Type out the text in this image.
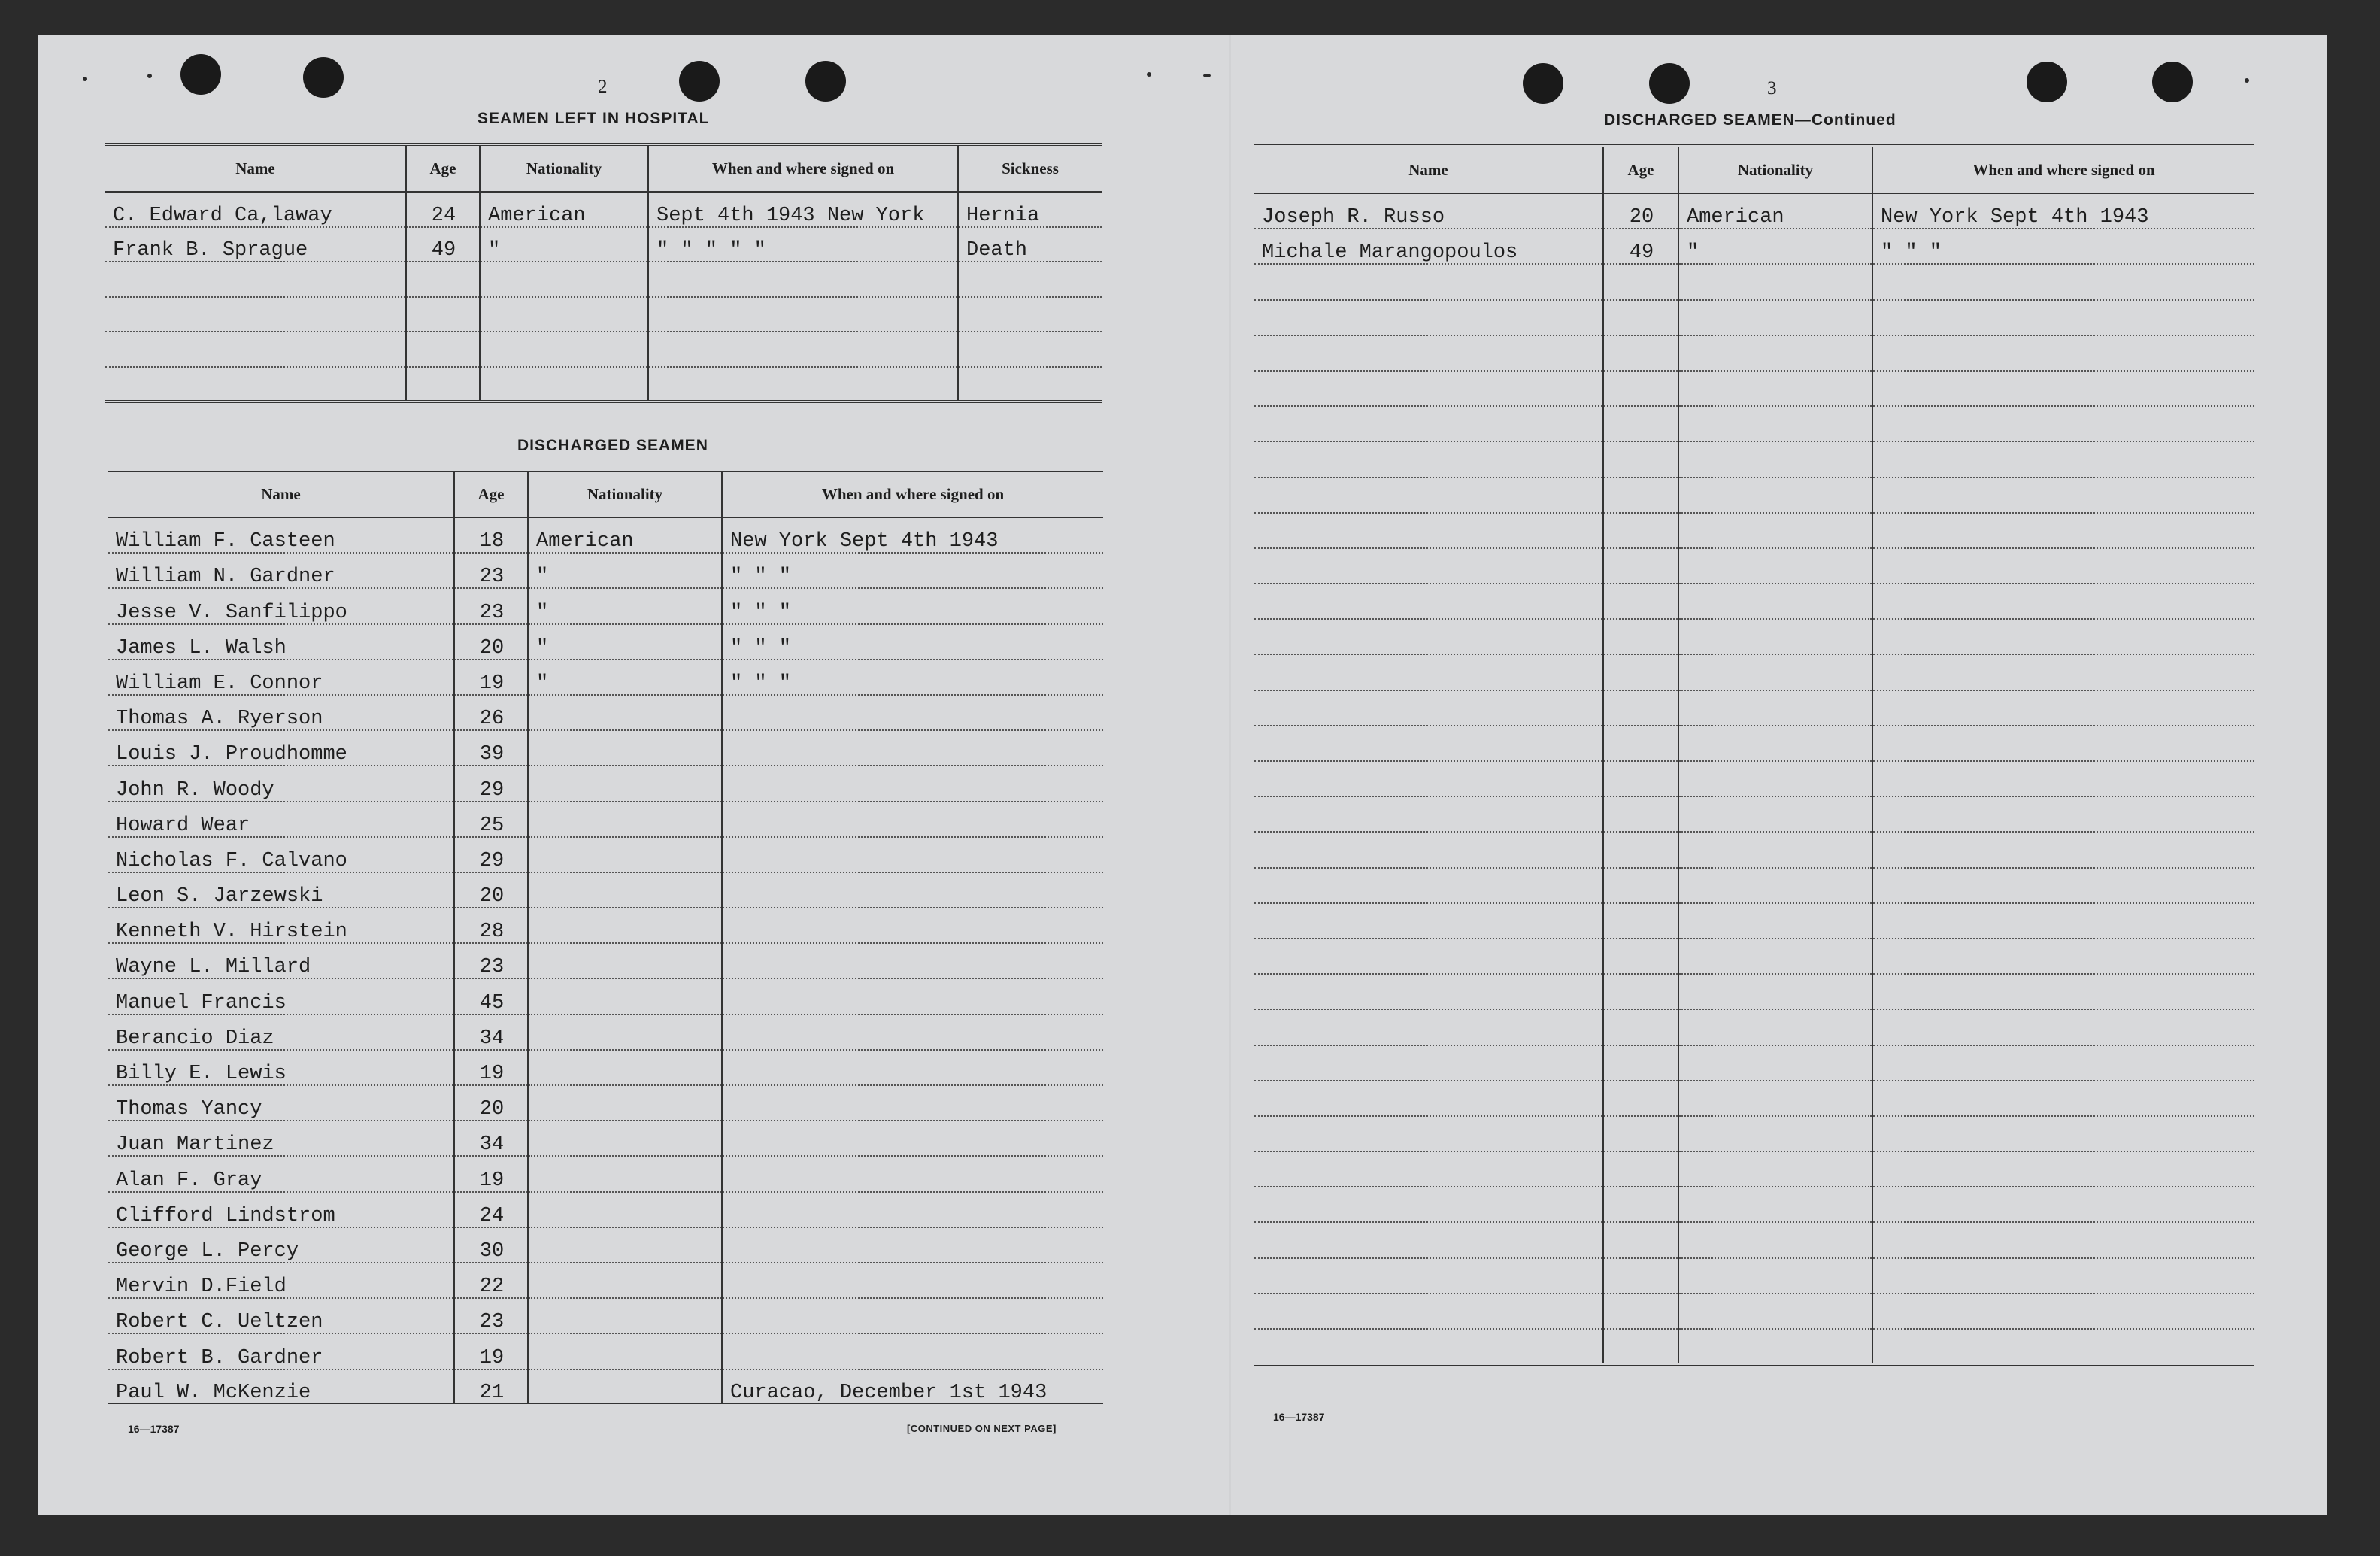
2
SEAMEN LEFT IN HOSPITAL
Name	Age	Nationality	When and where signed on	Sickness
C. Edward Ca,laway	24	American	Sept 4th 1943 New York	Hernia
Frank B. Sprague	49	"	" " " " "	Death

DISCHARGED SEAMEN
Name	Age	Nationality	When and where signed on
William F. Casteen	18	American	New York Sept 4th 1943
William N. Gardner	23	"	" " "
Jesse V. Sanfilippo	23	"	" " "
James L. Walsh	20	"	" " "
William E. Connor	19	"	" " "
Thomas A. Ryerson	26		
Louis J. Proudhomme	39		
John R. Woody	29		
Howard Wear	25		
Nicholas F. Calvano	29		
Leon S. Jarzewski	20		
Kenneth V. Hirstein	28		
Wayne L. Millard	23		
Manuel Francis	45		
Berancio Diaz	34		
Billy E. Lewis	19		
Thomas Yancy	20		
Juan Martinez	34		
Alan F. Gray	19		
Clifford Lindstrom	24		
George L. Percy	30		
Mervin D.Field	22		
Robert C. Ueltzen	23		
Robert B. Gardner	19		
Paul W. McKenzie	21		Curacao, December 1st 1943
16—17387	[CONTINUED ON NEXT PAGE]
3
DISCHARGED SEAMEN—Continued
Name	Age	Nationality	When and where signed on
Joseph R. Russo	20	American	New York Sept 4th 1943
Michale Marangopoulos	49	"	" " "

16—17387
